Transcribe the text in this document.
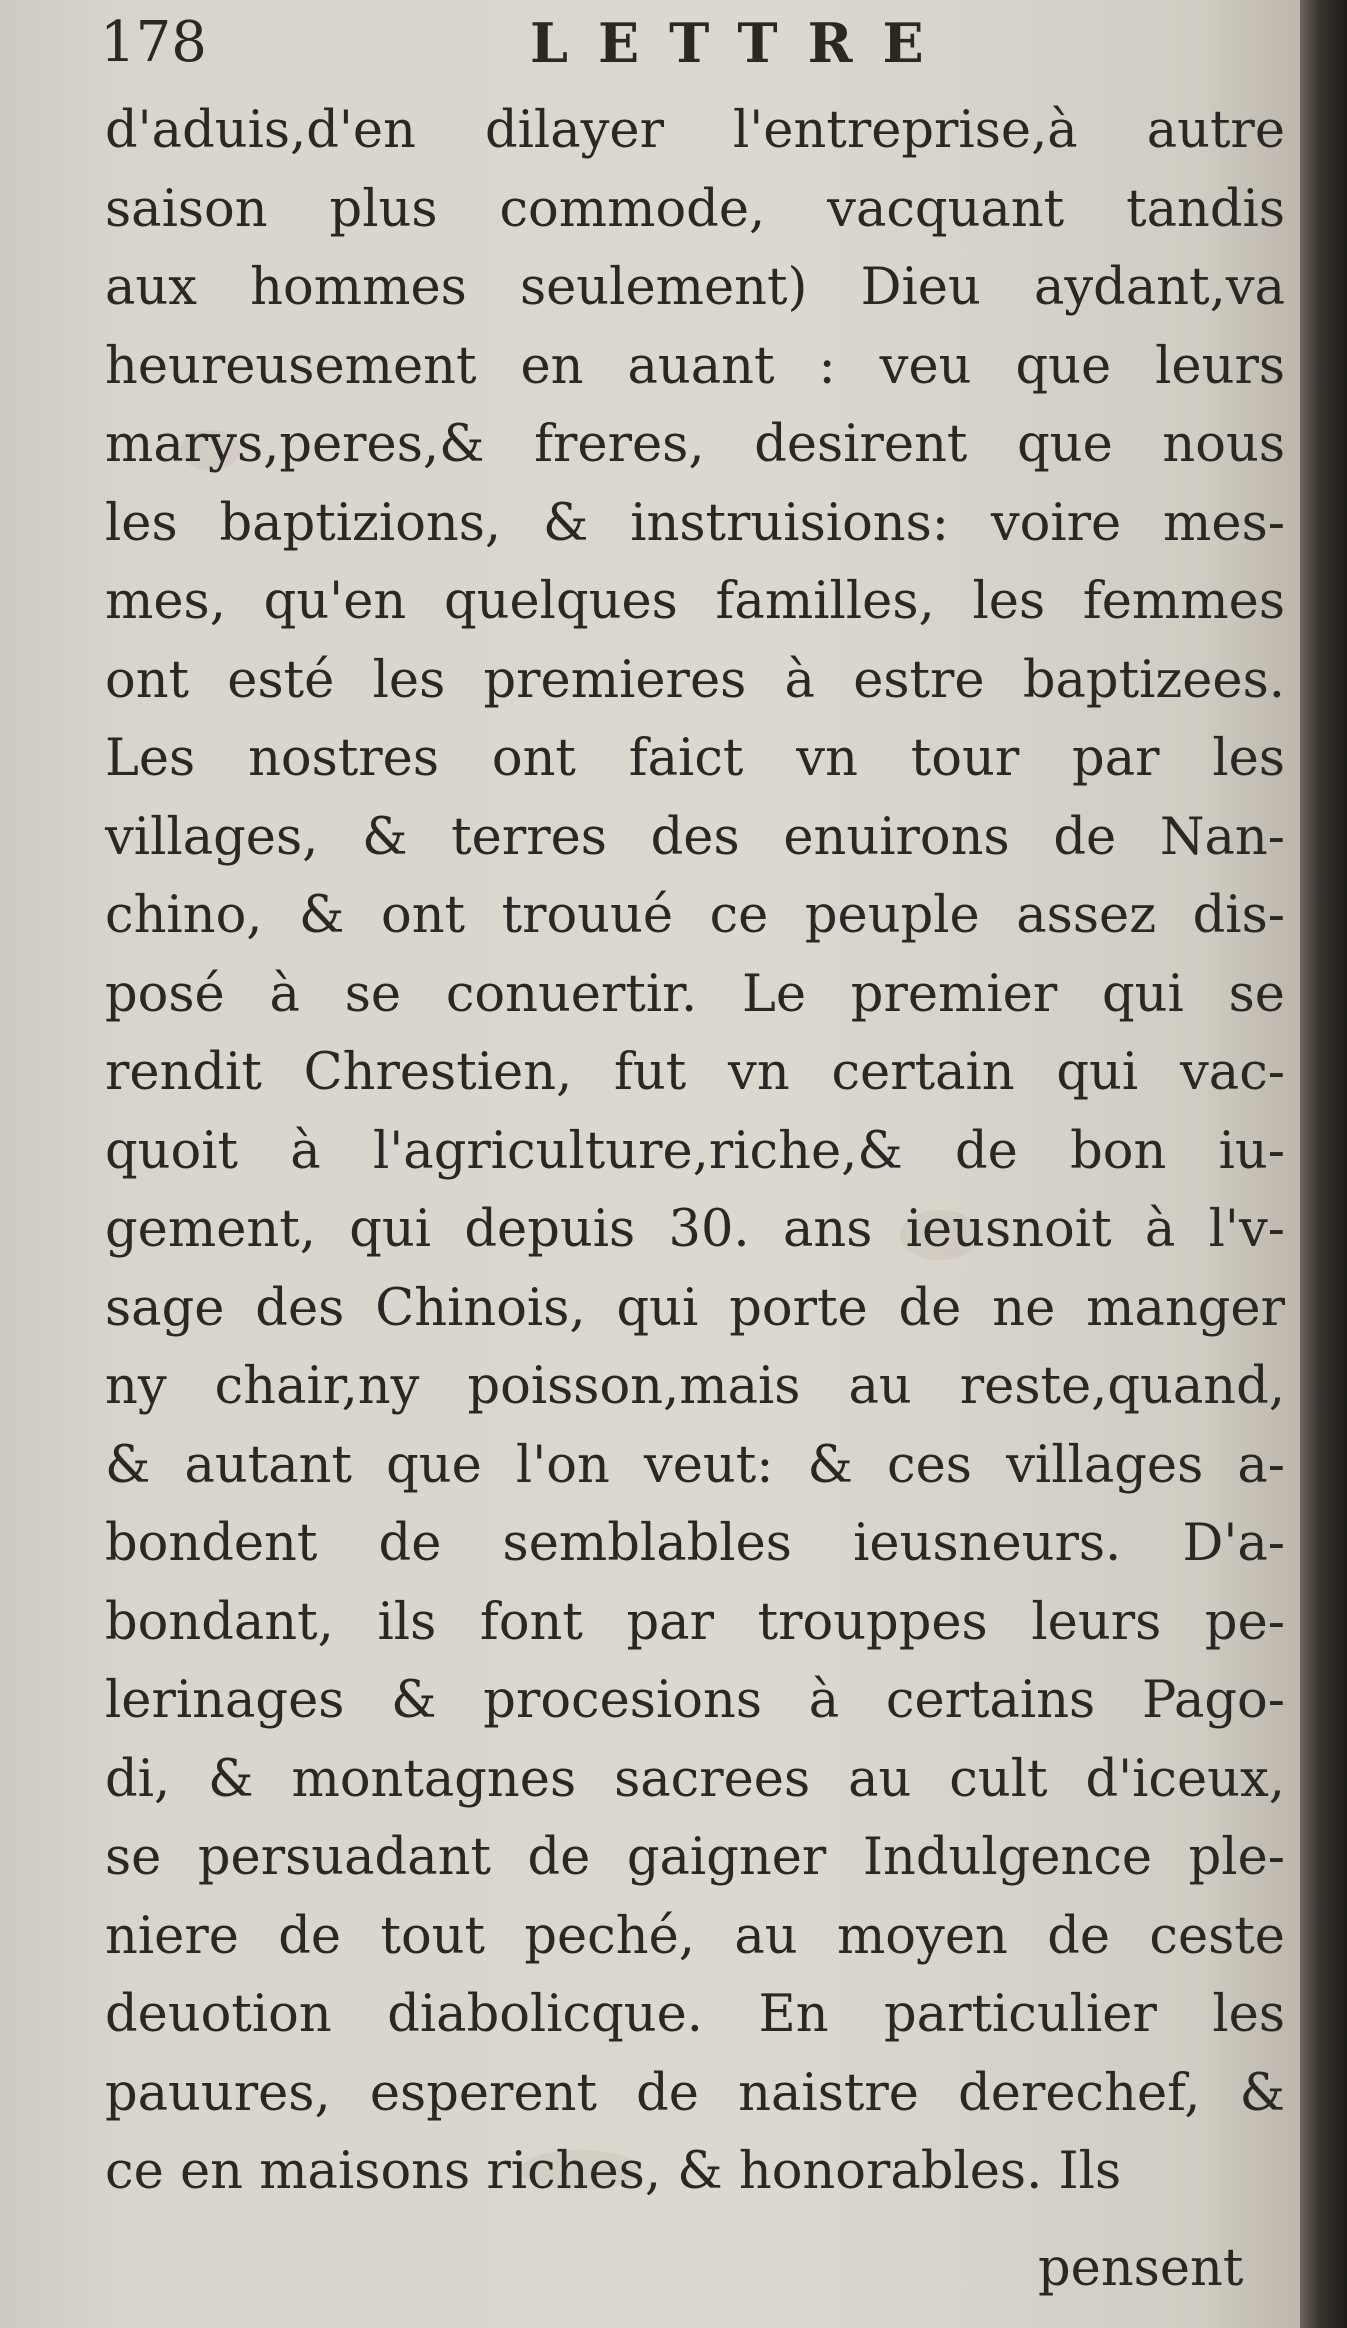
178	LETTRE
d'aduis,d'en dilayer l'entreprise,à autre
saison plus commode, vacquant tandis
aux hommes seulement) Dieu aydant,va
heureusement en auant : veu que leurs
marys,peres,& freres, desirent que nous
les baptizions, & instruisions: voire mes-
mes, qu'en quelques familles, les femmes
ont esté les premieres à estre baptizees.
Les nostres ont faict vn tour par les
villages, & terres des enuirons de Nan-
chino, & ont trouué ce peuple assez dis-
posé à se conuertir. Le premier qui se
rendit Chrestien, fut vn certain qui vac-
quoit à l'agriculture,riche,& de bon iu-
gement, qui depuis 30. ans ieusnoit à l'v-
sage des Chinois, qui porte de ne manger
ny chair,ny poisson,mais au reste,quand,
& autant que l'on veut: & ces villages a-
bondent de semblables ieusneurs. D'a-
bondant, ils font par trouppes leurs pe-
lerinages & procesions à certains Pago-
di, & montagnes sacrees au cult d'iceux,
se persuadant de gaigner Indulgence ple-
niere de tout peché, au moyen de ceste
deuotion diabolicque. En particulier les
pauures, esperent de naistre derechef, &
ce en maisons riches, & honorables. Ils
pensent
